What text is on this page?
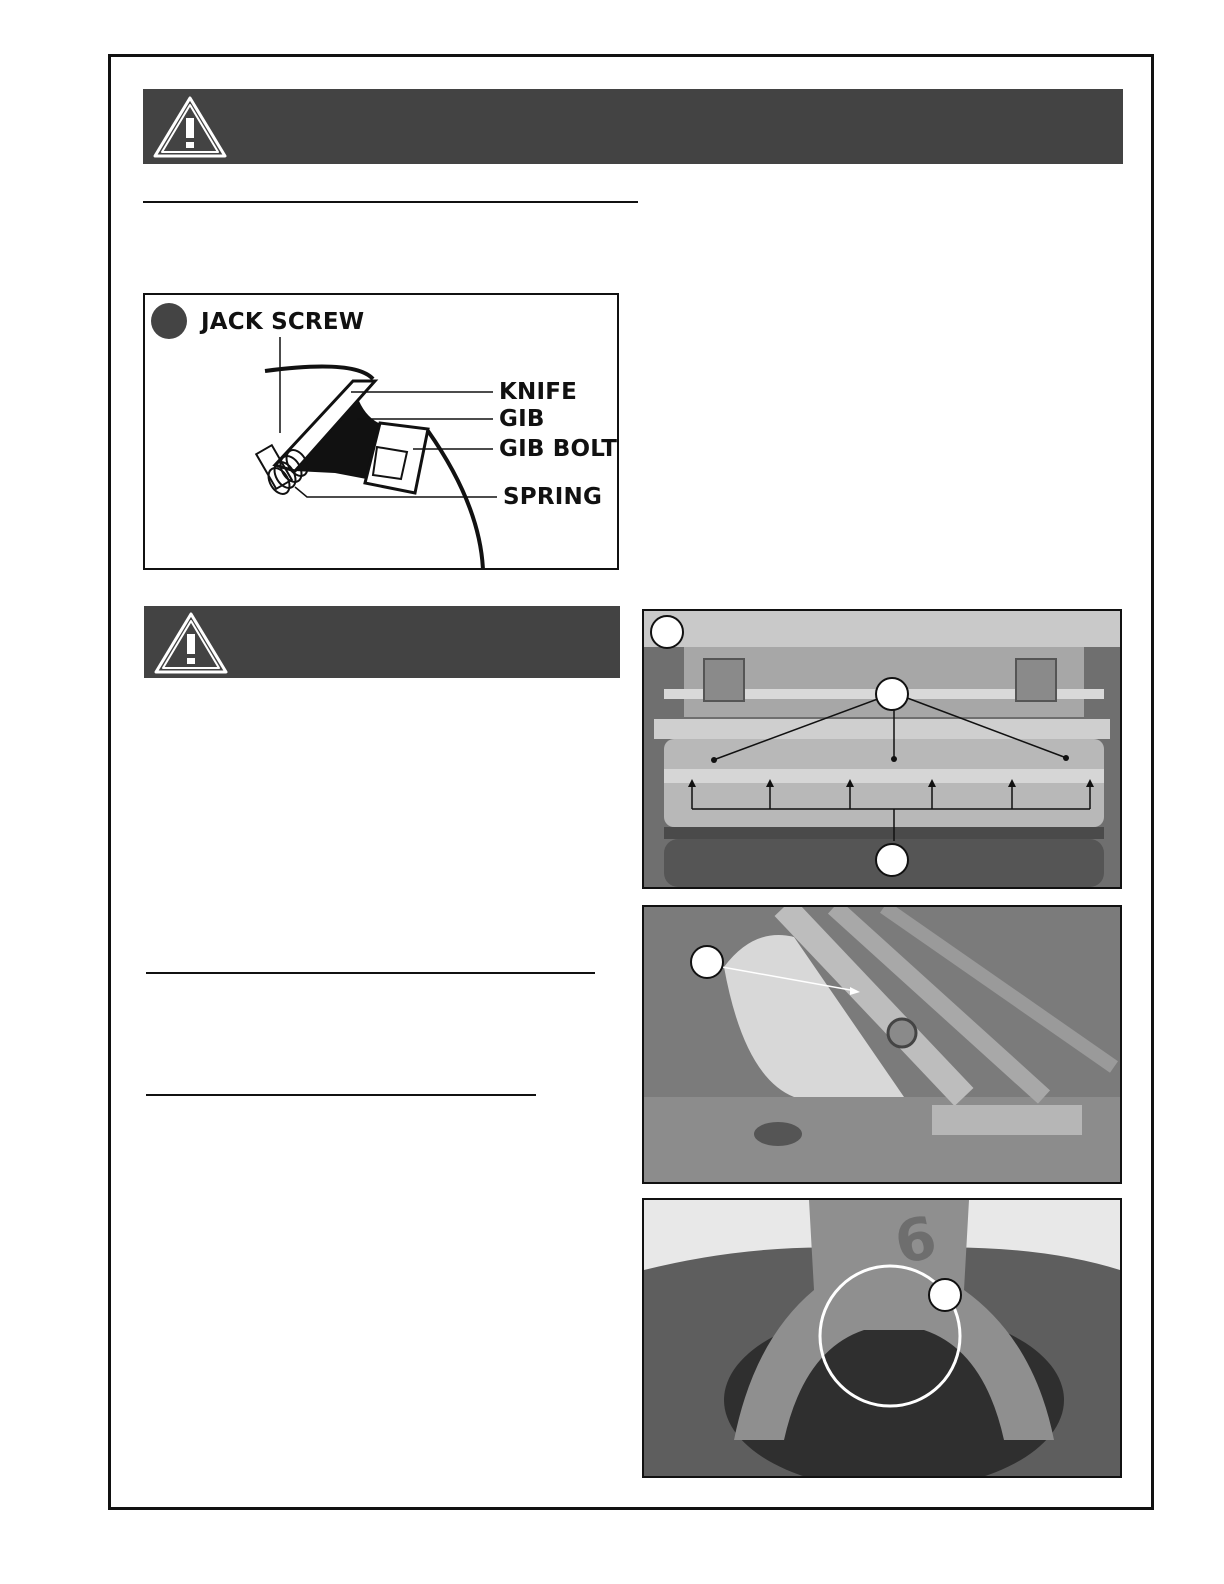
JACK SCREW
KNIFE
GIB
GIB BOLT
SPRING
6
